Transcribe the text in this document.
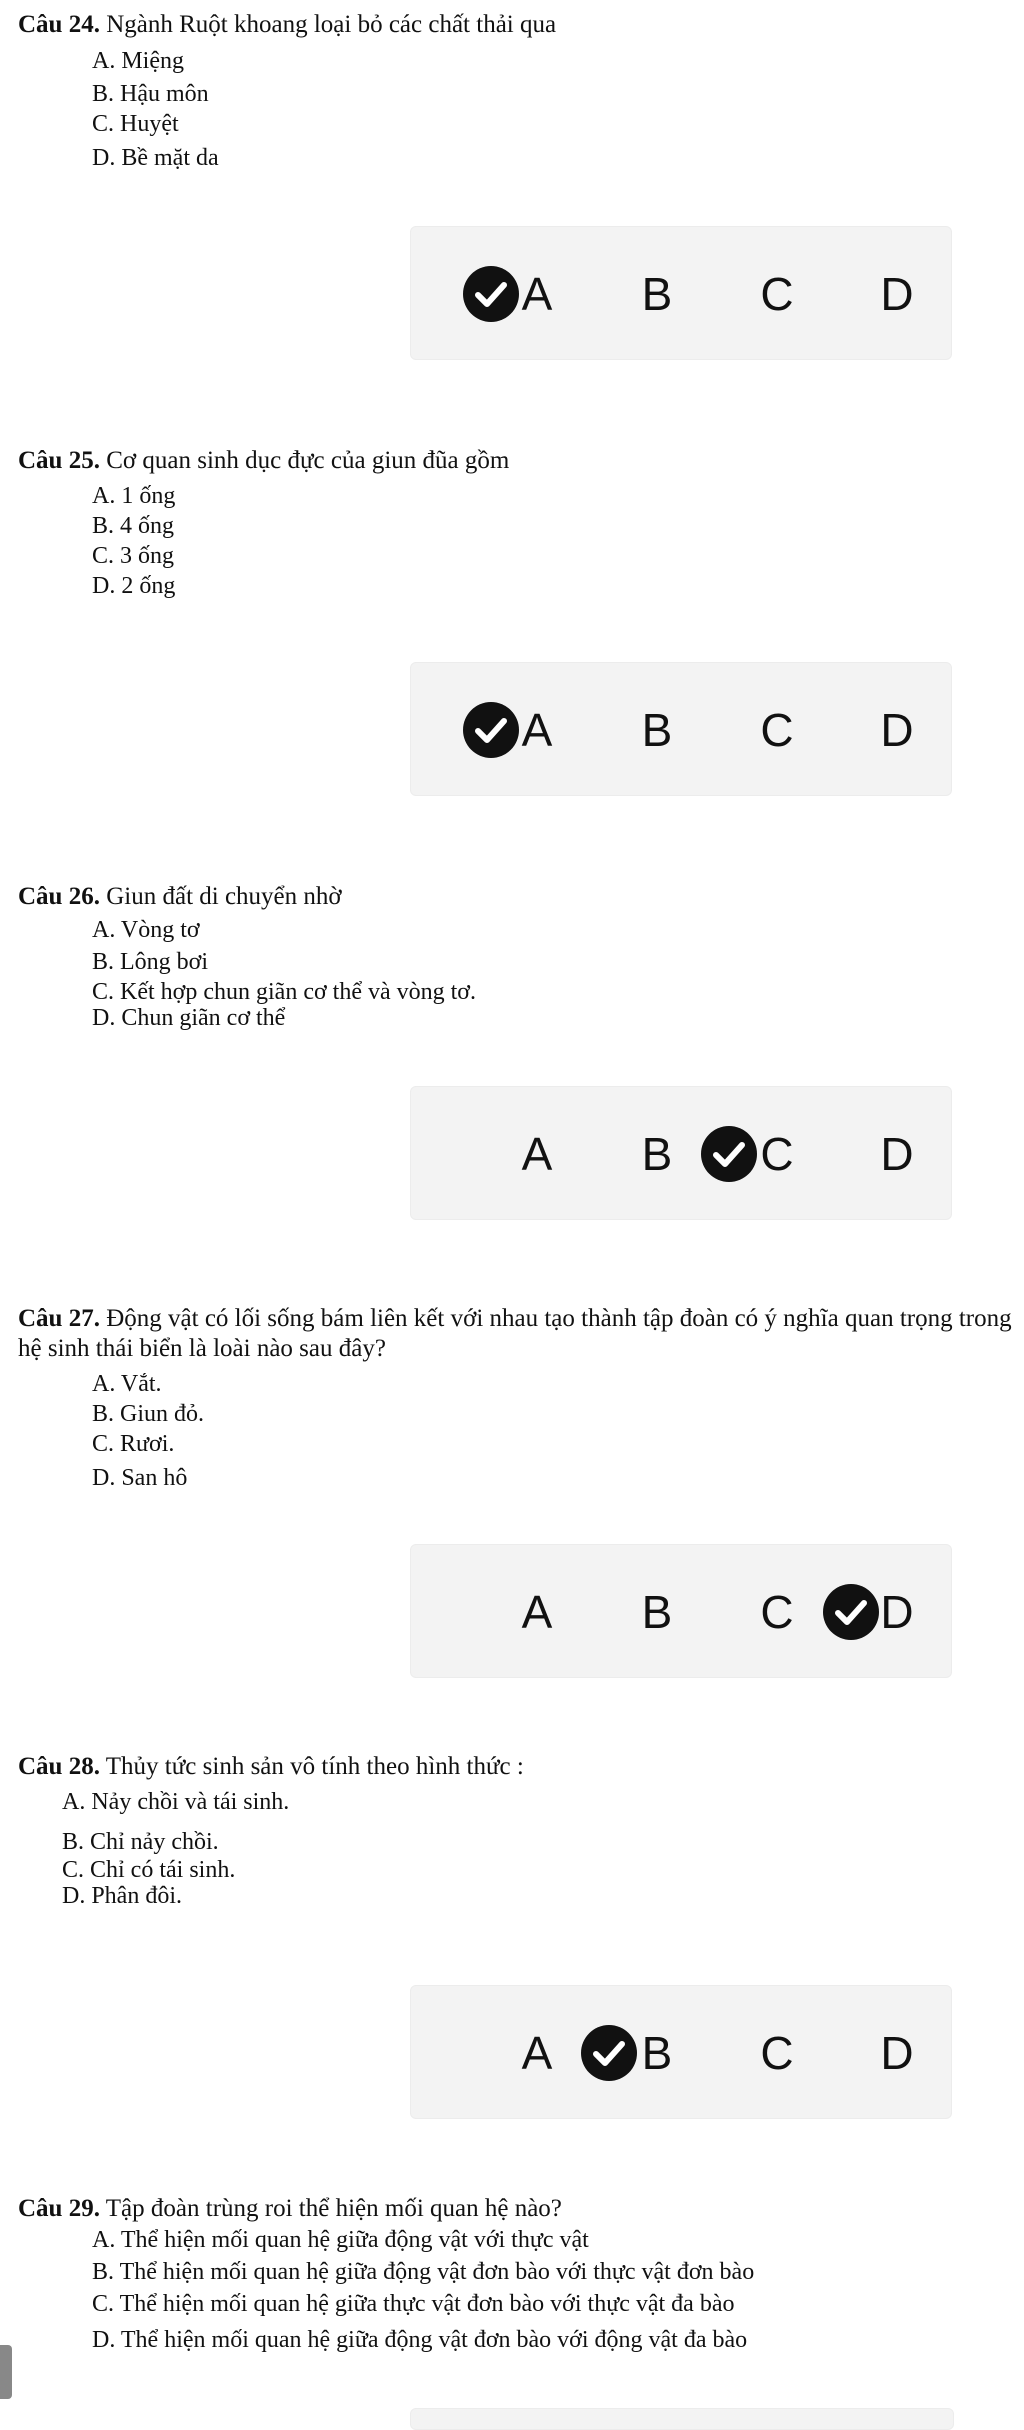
Câu 24. Ngành Ruột khoang loại bỏ các chất thải qua
A. Miệng
B. Hậu môn
C. Huyệt
D. Bề mặt da
A B C D
Câu 25. Cơ quan sinh dục đực của giun đũa gồm
A. 1 ống
B. 4 ống
C. 3 ống
D. 2 ống
A B C D
Câu 26. Giun đất di chuyển nhờ
A. Vòng tơ
B. Lông bơi
C. Kết hợp chun giãn cơ thể và vòng tơ.
D. Chun giãn cơ thể
A B C D
Câu 27. Động vật có lối sống bám liên kết với nhau tạo thành tập đoàn có ý nghĩa quan trọng trong hệ sinh thái biển là loài nào sau đây?
A. Vắt.
B. Giun đỏ.
C. Rươi.
D. San hô
A B C D
Câu 28. Thủy tức sinh sản vô tính theo hình thức :
A. Nảy chồi và tái sinh.
B. Chỉ nảy chồi.
C. Chỉ có tái sinh.
D. Phân đôi.
A B C D
Câu 29. Tập đoàn trùng roi thể hiện mối quan hệ nào?
A. Thể hiện mối quan hệ giữa động vật với thực vật
B. Thể hiện mối quan hệ giữa động vật đơn bào với thực vật đơn bào
C. Thể hiện mối quan hệ giữa thực vật đơn bào với thực vật đa bào
D. Thể hiện mối quan hệ giữa động vật đơn bào với động vật đa bào
